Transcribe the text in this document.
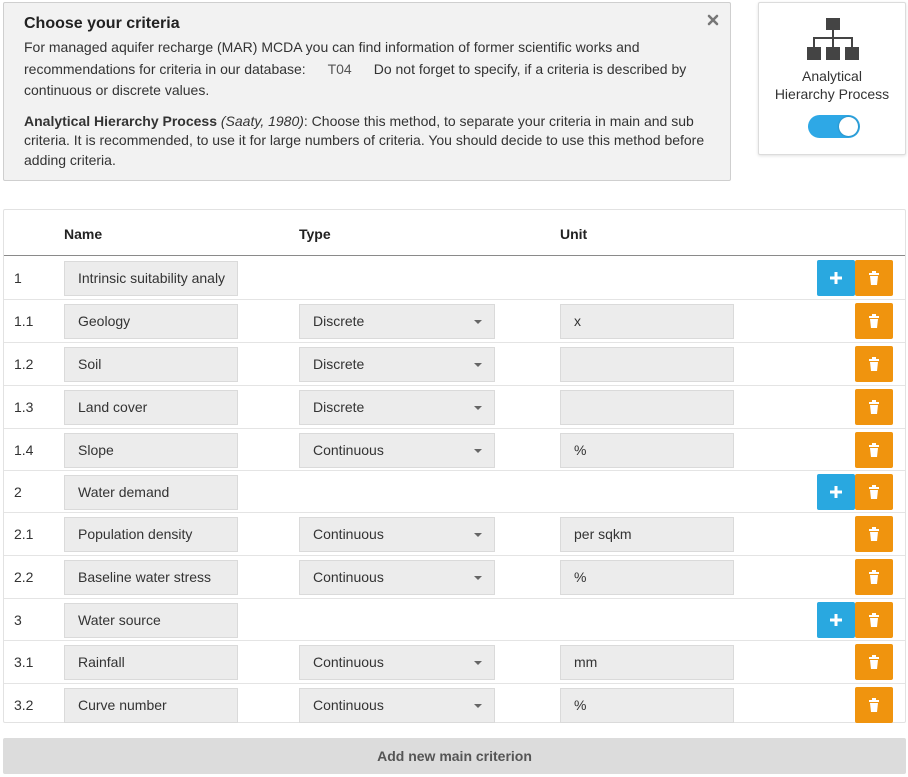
Choose your criteria

For managed aquifer recharge (MAR) MCDA you can find information of former scientific works and
recommendations for criteria in our database: T04 Do not forget to specify, if a criteria is described by
continuous or discrete values.

Analytical Hierarchy Process (Saaty, 1980): Choose this method, to separate your criteria in main and sub criteria. It is recommended, to use it for large numbers of criteria. You should decide to use this method before adding criteria.

Analytical
Hierarchy Process
Name	Type	Unit
1	Intrinsic suitability analy
1.1	Geology	Discrete	x
1.2	Soil	Discrete
1.3	Land cover	Discrete
1.4	Slope	Continuous	%
2	Water demand
2.1	Population density	Continuous	per sqkm
2.2	Baseline water stress	Continuous	%
3	Water source
3.1	Rainfall	Continuous	mm
3.2	Curve number	Continuous	%
Add new main criterion
